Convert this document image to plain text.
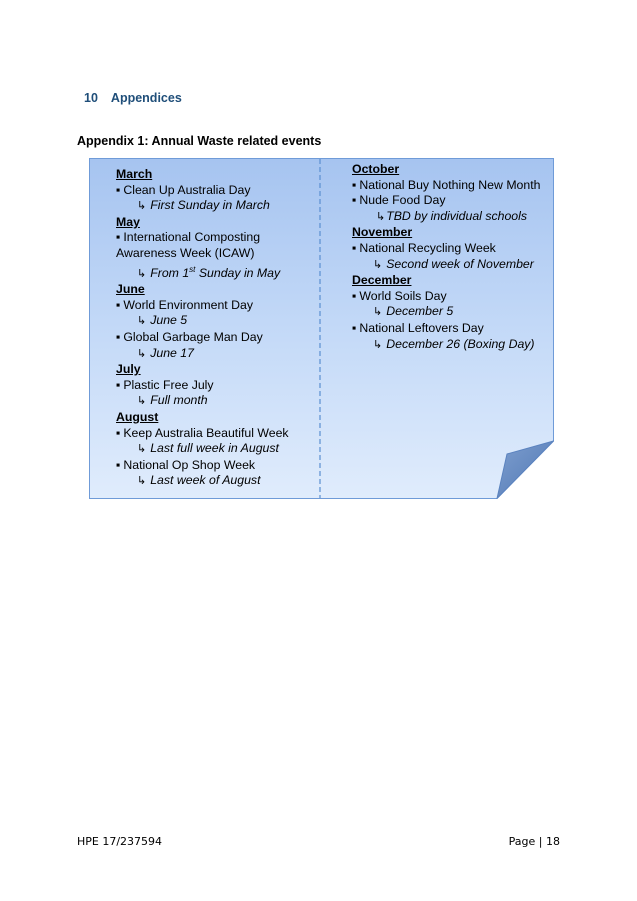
10 Appendices
Appendix 1: Annual Waste related events
March
▪ Clean Up Australia Day
↳ First Sunday in March
May
▪ International Composting
Awareness Week (ICAW)
↳ From 1st Sunday in May
June
▪ World Environment Day
↳ June 5
▪ Global Garbage Man Day
↳ June 17
July
▪ Plastic Free July
↳ Full month
August
▪ Keep Australia Beautiful Week
↳ Last full week in August
▪ National Op Shop Week
↳ Last week of August
October
▪ National Buy Nothing New Month
▪ Nude Food Day
↳TBD by individual schools
November
▪ National Recycling Week
↳ Second week of November
December
▪ World Soils Day
↳ December 5
▪ National Leftovers Day
↳ December 26 (Boxing Day)
HPE 17/237594	Page | 18
